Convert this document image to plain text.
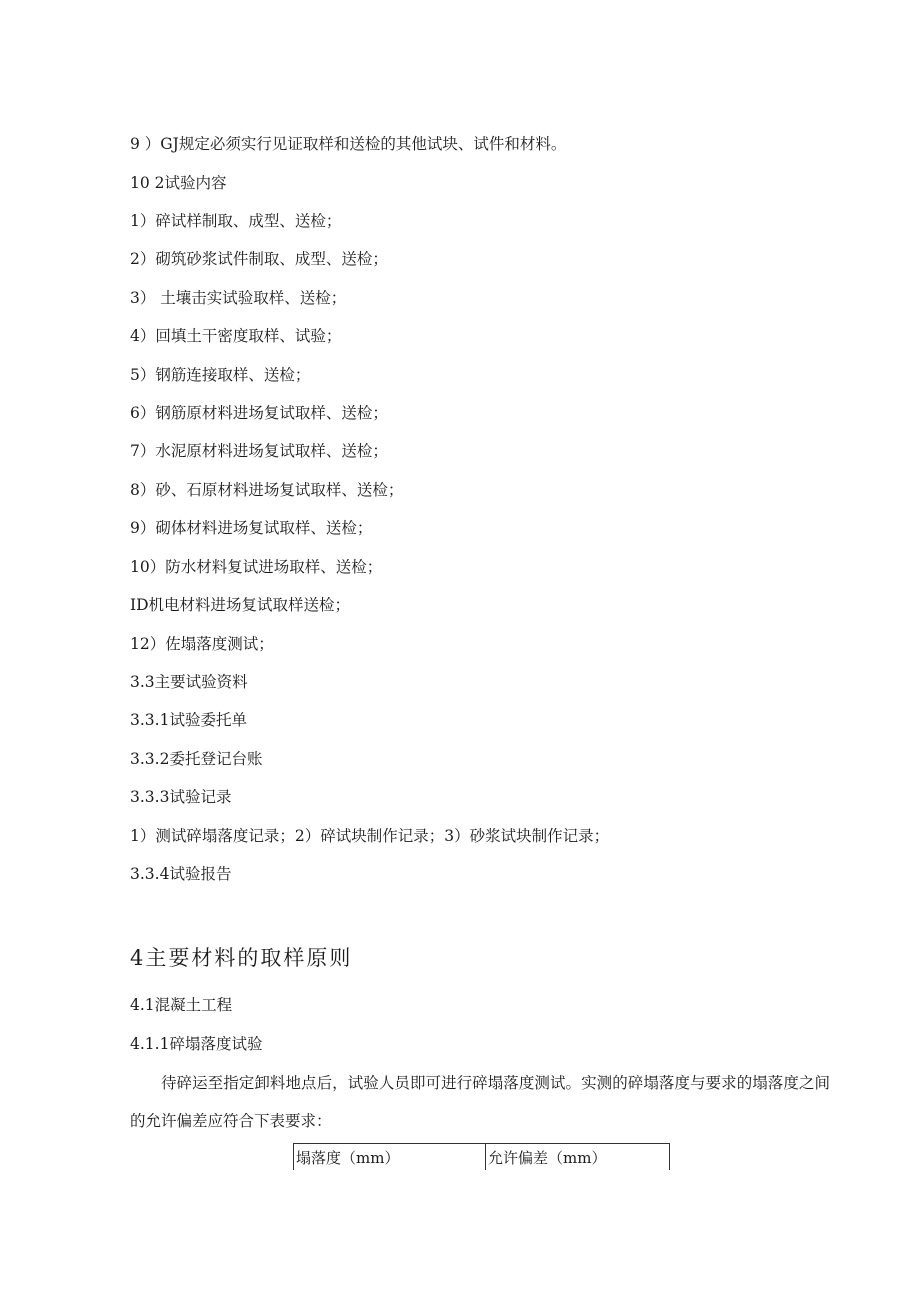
9 ）GJ规定必须实行见证取样和送检的其他试块、试件和材料。
10 2试验内容
1）碎试样制取、成型、送检；
2）砌筑砂浆试件制取、成型、送检；
3） 土壤击实试验取样、送检；
4）回填土干密度取样、试验；
5）钢筋连接取样、送检；
6）钢筋原材料进场复试取样、送检；
7）水泥原材料进场复试取样、送检；
8）砂、石原材料进场复试取样、送检；
9）砌体材料进场复试取样、送检；
10）防水材料复试进场取样、送检；
ID机电材料进场复试取样送检；
12）佐塌落度测试；
3.3主要试验资料
3.3.1试验委托单
3.3.2委托登记台账
3.3.3试验记录
1）测试碎塌落度记录；2）碎试块制作记录；3）砂浆试块制作记录；
3.3.4试验报告
4主要材料的取样原则
4.1混凝土工程
4.1.1碎塌落度试验
待碎运至指定卸料地点后，试验人员即可进行碎塌落度测试。实测的碎塌落度与要求的塌落度之间的允许偏差应符合下表要求：
塌落度（mm）	允许偏差（mm）
